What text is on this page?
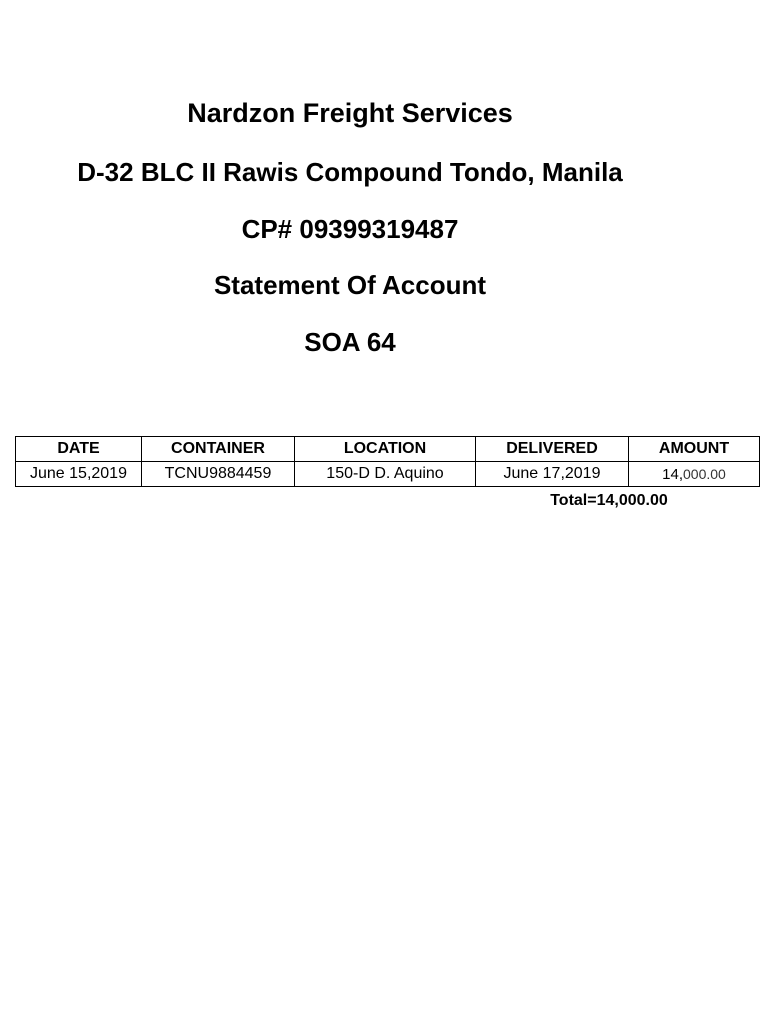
Nardzon Freight Services
D-32 BLC II Rawis Compound Tondo, Manila
CP# 09399319487
Statement Of Account
SOA 64
DATE	CONTAINER	LOCATION	DELIVERED	AMOUNT
June 15,2019	TCNU9884459	150-D D. Aquino	June 17,2019	14,000.00
Total=14,000.00
